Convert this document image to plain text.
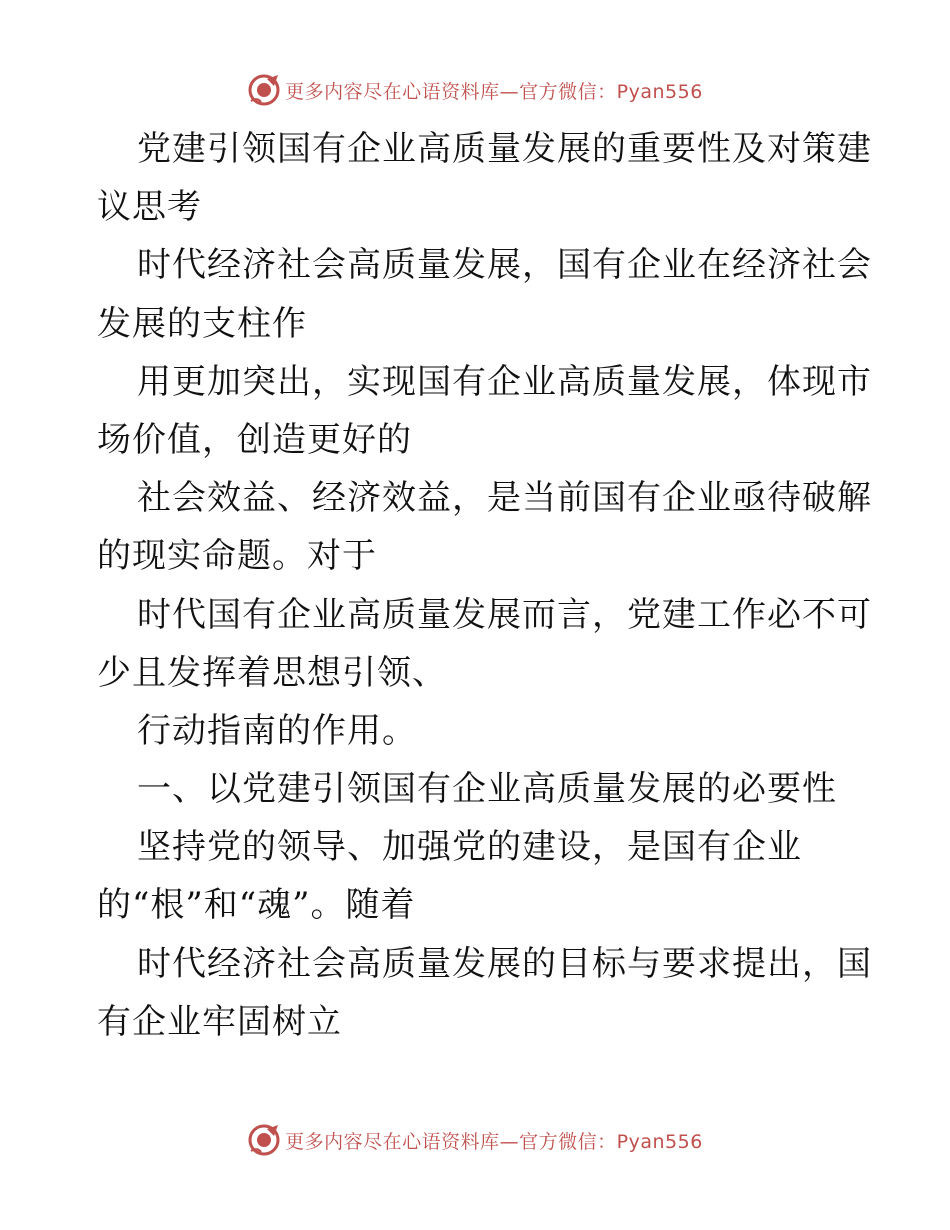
更多内容尽在心语资料库—官方微信：Pyan556
党建引领国有企业高质量发展的重要性及对策建
议思考
时代经济社会高质量发展，国有企业在经济社会
发展的支柱作
用更加突出，实现国有企业高质量发展，体现市
场价值，创造更好的
社会效益、经济效益，是当前国有企业亟待破解
的现实命题。对于
时代国有企业高质量发展而言，党建工作必不可
少且发挥着思想引领、
行动指南的作用。
一、以党建引领国有企业高质量发展的必要性
坚持党的领导、加强党的建设，是国有企业
的“根”和“魂”。随着
时代经济社会高质量发展的目标与要求提出，国
有企业牢固树立
更多内容尽在心语资料库—官方微信：Pyan556
